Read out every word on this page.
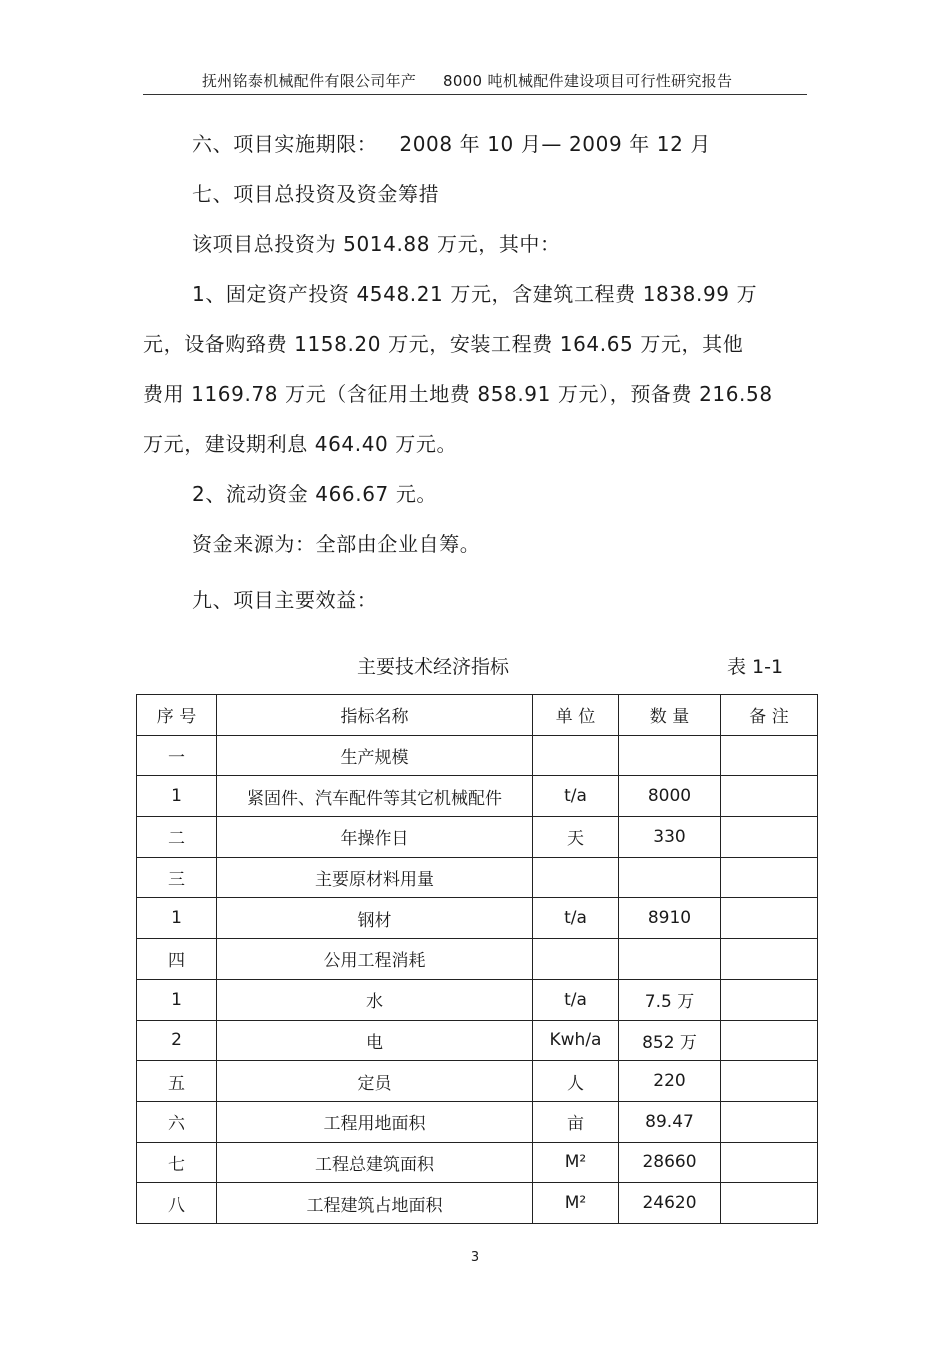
抚州铭泰机械配件有限公司年产 8000 吨机械配件建设项目可行性研究报告
六、项目实施期限： 2008 年 10 月— 2009 年 12 月
七、项目总投资及资金筹措
该项目总投资为 5014.88 万元，其中：
1、固定资产投资 4548.21 万元，含建筑工程费 1838.99 万
元，设备购臵费 1158.20 万元，安装工程费 164.65 万元，其他
费用 1169.78 万元（含征用土地费 858.91 万元），预备费 216.58
万元，建设期利息 464.40 万元。
2、流动资金 466.67 元。
资金来源为：全部由企业自筹。
九、项目主要效益：
主要技术经济指标	表 1-1
序 号	指标名称	单 位	数 量	备 注
一	生产规模			
1	紧固件、汽车配件等其它机械配件	t/a	8000	
二	年操作日	天	330	
三	主要原材料用量			
1	钢材	t/a	8910	
四	公用工程消耗			
1	水	t/a	7.5 万	
2	电	Kwh/a	852 万	
五	定员	人	220	
六	工程用地面积	亩	89.47	
七	工程总建筑面积	M²	28660	
八	工程建筑占地面积	M²	24620	
3
